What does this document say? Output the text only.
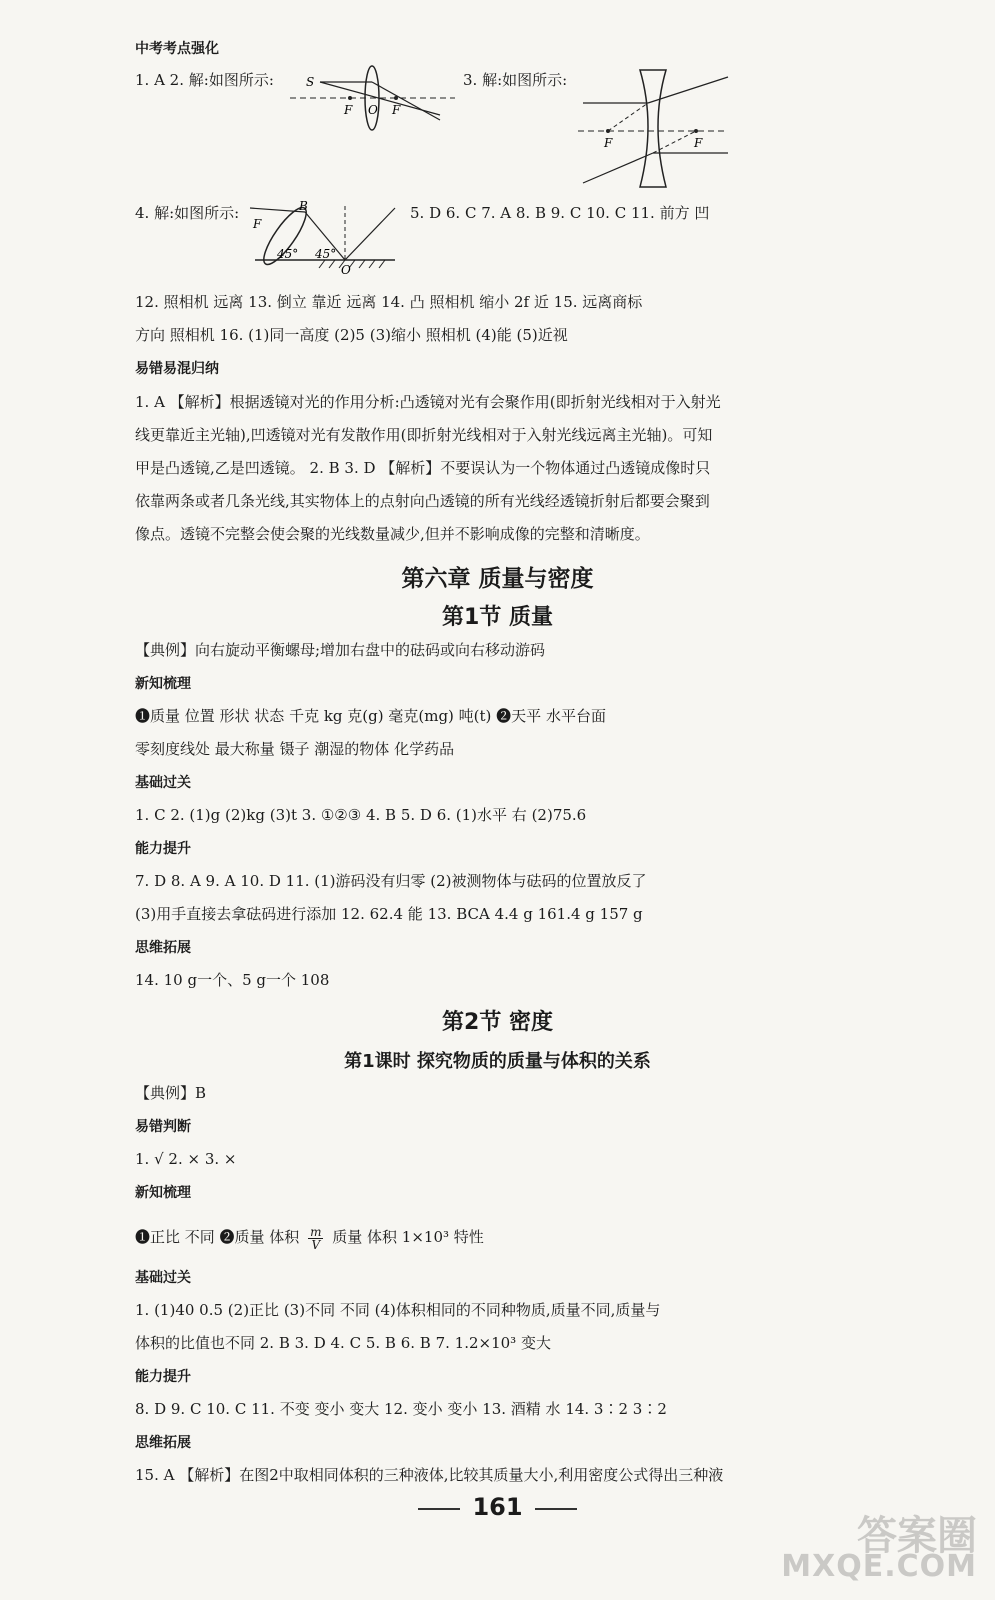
中考考点强化
1. A 2. 解:如图所示:	3. 解:如图所示:
S
F O F
F	F
4. 解:如图所示:
F
B
O
45° 45°
5. D 6. C 7. A 8. B 9. C 10. C 11. 前方 凹
12. 照相机 远离 13. 倒立 靠近 远离 14. 凸 照相机 缩小 2f 近 15. 远离商标
方向 照相机 16. (1)同一高度 (2)5 (3)缩小 照相机 (4)能 (5)近视
易错易混归纳
1. A 【解析】根据透镜对光的作用分析:凸透镜对光有会聚作用(即折射光线相对于入射光
线更靠近主光轴),凹透镜对光有发散作用(即折射光线相对于入射光线远离主光轴)。可知
甲是凸透镜,乙是凹透镜。 2. B 3. D 【解析】不要误认为一个物体通过凸透镜成像时只
依靠两条或者几条光线,其实物体上的点射向凸透镜的所有光线经透镜折射后都要会聚到
像点。透镜不完整会使会聚的光线数量减少,但并不影响成像的完整和清晰度。
第六章 质量与密度
第1节 质量
【典例】向右旋动平衡螺母;增加右盘中的砝码或向右移动游码
新知梳理
❶质量 位置 形状 状态 千克 kg 克(g) 毫克(mg) 吨(t) ❷天平 水平台面
零刻度线处 最大称量 镊子 潮湿的物体 化学药品
基础过关
1. C 2. (1)g (2)kg (3)t 3. ①②③ 4. B 5. D 6. (1)水平 右 (2)75.6
能力提升
7. D 8. A 9. A 10. D 11. (1)游码没有归零 (2)被测物体与砝码的位置放反了
(3)用手直接去拿砝码进行添加 12. 62.4 能 13. BCA 4.4 g 161.4 g 157 g
思维拓展
14. 10 g一个、5 g一个 108
第2节 密度
第1课时 探究物质的质量与体积的关系
【典例】B
易错判断
1. √ 2. × 3. ×
新知梳理
❶正比 不同 ❷质量 体积 $\frac{m}{V}$ 质量 体积 1×10³ 特性
基础过关
1. (1)40 0.5 (2)正比 (3)不同 不同 (4)体积相同的不同种物质,质量不同,质量与
体积的比值也不同 2. B 3. D 4. C 5. B 6. B 7. 1.2×10³ 变大
能力提升
8. D 9. C 10. C 11. 不变 变小 变大 12. 变小 变小 13. 酒精 水 14. 3∶2 3∶2
思维拓展
15. A 【解析】在图2中取相同体积的三种液体,比较其质量大小,利用密度公式得出三种液
161
答案圈
MXQE.COM
